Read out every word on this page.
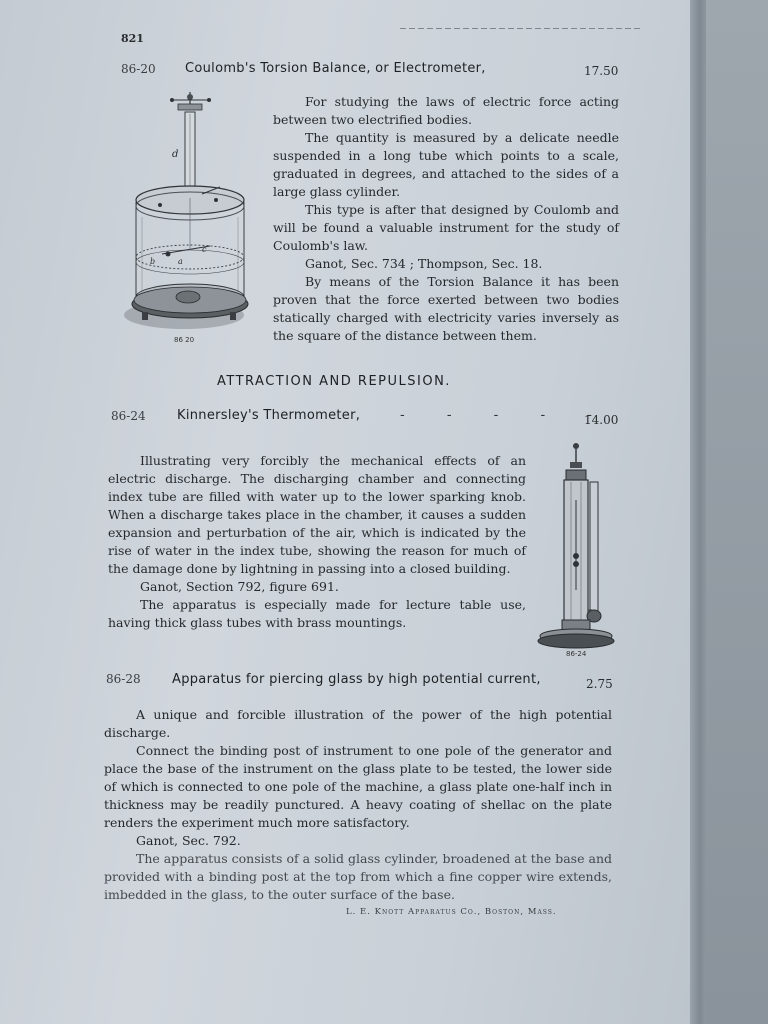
821
86-20 Coulomb's Torsion Balance, or Electrometer,	17.50
d
a
c
b
86 20

For studying the laws of electric force acting between two electrified bodies.

The quantity is measured by a delicate needle suspended in a long tube which points to a scale, graduated in degrees, and attached to the sides of a large glass cylinder.

This type is after that designed by Coulomb and will be found a valuable instrument for the study of Coulomb's law.

Ganot, Sec. 734 ; Thompson, Sec. 18.

By means of the Torsion Balance it has been proven that the force exerted between two bodies statically charged with electricity varies inversely as the square of the distance between them.

ATTRACTION AND REPULSION.
86-24 Kinnersley's Thermometer,	- - - - -
14.00

Illustrating very forcibly the mechanical effects of an electric discharge. The discharging chamber and connecting index tube are filled with water up to the lower sparking knob. When a discharge takes place in the chamber, it causes a sudden expansion and perturbation of the air, which is indicated by the rise of water in the index tube, showing the reason for much of the damage done by lightning in passing into a closed building.

Ganot, Section 792, figure 691.

The apparatus is especially made for lecture table use, having thick glass tubes with brass mountings.

86-24
86-28 Apparatus for piercing glass by high potential current,	2.75

A unique and forcible illustration of the power of the high potential discharge.

Connect the binding post of instrument to one pole of the generator and place the base of the instrument on the glass plate to be tested, the lower side of which is connected to one pole of the machine, a glass plate one-half inch in thickness may be readily punctured. A heavy coating of shellac on the plate renders the experiment much more satisfactory.

Ganot, Sec. 792.

The apparatus consists of a solid glass cylinder, broadened at the base and provided with a binding post at the top from which a fine copper wire extends, imbedded in the glass, to the outer surface of the base.

L. E. Knott Apparatus Co., Boston, Mass.
